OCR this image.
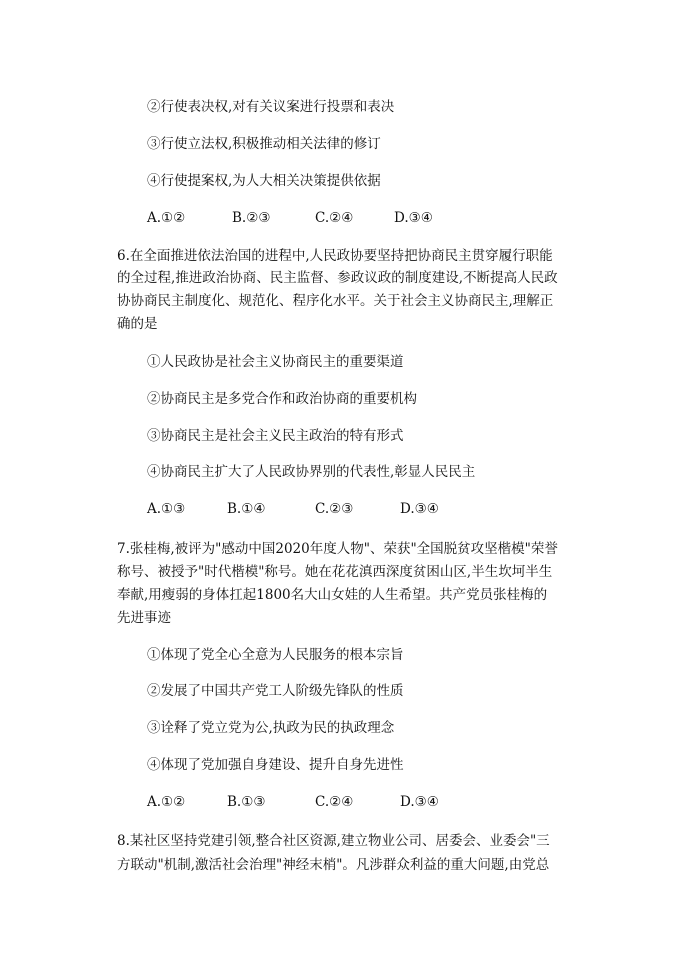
②行使表决权,对有关议案进行投票和表决
③行使立法权,积极推动相关法律的修订
④行使提案权,为人大相关决策提供依据
A.①②	B.②③	C.②④	D.③④
6.在全面推进依法治国的进程中,人民政协要坚持把协商民主贯穿履行职能
的全过程,推进政治协商、民主监督、参政议政的制度建设,不断提高人民政
协协商民主制度化、规范化、程序化水平。关于社会主义协商民主,理解正
确的是
①人民政协是社会主义协商民主的重要渠道
②协商民主是多党合作和政治协商的重要机构
③协商民主是社会主义民主政治的特有形式
④协商民主扩大了人民政协界别的代表性,彰显人民民主
A.①③	B.①④	C.②③	D.③④
7.张桂梅,被评为"感动中国2020年度人物"、荣获"全国脱贫攻坚楷模"荣誉
称号、被授予"时代楷模"称号。她在花花滇西深度贫困山区,半生坎坷半生
奉献,用瘦弱的身体扛起1800名大山女娃的人生希望。共产党员张桂梅的
先进事迹
①体现了党全心全意为人民服务的根本宗旨
②发展了中国共产党工人阶级先锋队的性质
③诠释了党立党为公,执政为民的执政理念
④体现了党加强自身建设、提升自身先进性
A.①②	B.①③	C.②④	D.③④
8.某社区坚持党建引领,整合社区资源,建立物业公司、居委会、业委会"三
方联动"机制,激活社会治理"神经末梢"。凡涉群众利益的重大问题,由党总
